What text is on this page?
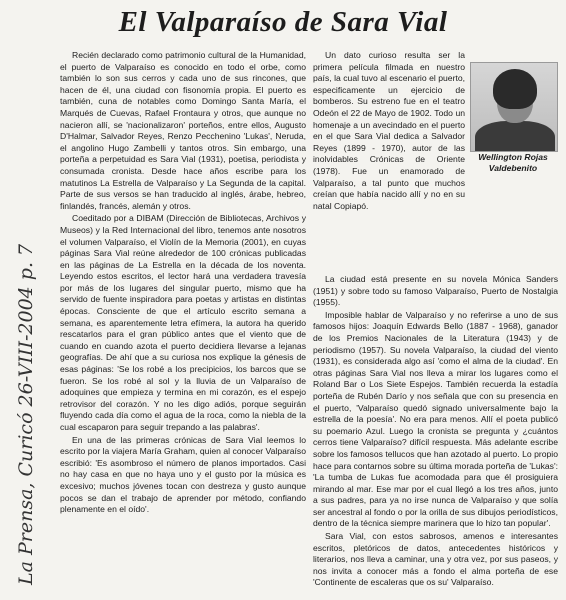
El Valparaíso de Sara Vial

Recién declarado como patrimonio cultural de la Humanidad, el puerto de Valparaíso es conocido en todo el orbe, como también lo son sus cerros y cada uno de sus rincones, que hacen de él, una ciudad con fisonomía propia. El puerto es también, cuna de notables como Domingo Santa María, el Marqués de Cuevas, Rafael Frontaura y otros, que aunque no nacieron allí, se 'nacionalizaron' porteños, entre ellos, Augusto D'Halmar, Salvador Reyes, Renzo Pecchenino 'Lukas', Neruda, el angolino Hugo Zambelli y tantos otros. Sin embargo, una porteña a perpetuidad es Sara Vial (1931), poetisa, periodista y consumada cronista. Desde hace años escribe para los matutinos La Estrella de Valparaíso y La Segunda de la capital. Parte de sus versos se han traducido al inglés, árabe, hebreo, finlandés, francés, alemán y otros.

Coeditado por a DIBAM (Dirección de Bibliotecas, Archivos y Museos) y la Red Internacional del libro, tenemos ante nosotros el volumen Valparaíso, el Violín de la Memoria (2001), en cuyas páginas Sara Vial reúne alrededor de 100 crónicas publicadas en las páginas de La Estrella en la década de los noventa. Leyendo estos escritos, el lector hará una verdadera travesía por más de los lugares del singular puerto, mismo que ha servido de fuente inspiradora para poetas y artistas en distintas épocas. Consciente de que el artículo escrito semana a semana, es aparentemente letra efímera, la autora ha querido rescatarlos para el gran público antes que el viento que de cuando en cuando azota el puerto decidiera llevarse a lejanas geografías. De ahí que a su curiosa nos explique la génesis de esas páginas: 'Se los robé a los precipicios, los barcos que se fueron. Se los robé al sol y la lluvia de un Valparaíso de adoquines que empieza y termina en mi corazón, es el espejo retrovisor del corazón. Y no les digo adiós, porque seguirán fluyendo cada día como el agua de la roca, como la niebla de la cual escaparon para seguir trepando a las palabras'.

En una de las primeras crónicas de Sara Vial leemos lo escrito por la viajera María Graham, quien al conocer Valparaíso escribió: 'Es asombroso el número de planos importados. Casi no hay casa en que no haya uno y el gusto por la música es excesivo; muchos jóvenes tocan con destreza y gusto aunque pocos se dan el trabajo de aprender por método, confiando plenamente en el oído'.

Un dato curioso resulta ser la primera película filmada en nuestro país, la cual tuvo al escenario el puerto, especificamente un ejercicio de bomberos. Su estreno fue en el teatro Odeón el 22 de Mayo de 1902. Todo un homenaje a un avecindado en el puerto en el que Sara Vial dedica a Salvador Reyes (1899 - 1970), autor de las inolvidables Crónicas de Oriente (1978). Fue un enamorado de Valparaíso, a tal punto que muchos creían que había nacido allí y no en su natal Copiapó.

Wellington Rojas
Valdebenito

La ciudad está presente en su novela Mónica Sanders (1951) y sobre todo su famoso Valparaíso, Puerto de Nostalgia (1955).

Imposible hablar de Valparaíso y no referirse a uno de sus famosos hijos: Joaquín Edwards Bello (1887 - 1968), ganador de los Premios Nacionales de la Literatura (1943) y de periodismo (1957). Su novela Valparaíso, la ciudad del viento (1931), es considerada algo así 'como el alma de la ciudad'. En otras páginas Sara Vial nos lleva a mirar los lugares como el Roland Bar o Los Siete Espejos. También recuerda la estadía porteña de Rubén Darío y nos señala que con su presencia en el puerto, 'Valparaíso quedó signado universalmente bajo la estrella de la poesía'. No era para menos. Allí el poeta publicó su poemario Azul. Luego la cronista se pregunta y ¿cuántos cerros tiene Valparaíso? difícil respuesta. Más adelante escribe sobre los famosos tellucos que han azotado al puerto. Lo propio hace para contarnos sobre su última morada porteña de 'Lukas': 'La tumba de Lukas fue acomodada para que él prosiguiera mirando al mar. Ese mar por el cual llegó a los tres años, junto a sus padres, para ya no irse nunca de Valparaíso y que solía ser ancestral al fondo o por la orilla de sus dibujos periodísticos, dentro de la técnica siempre marinera que lo hizo tan popular'.

Sara Vial, con estos sabrosos, amenos e interesantes escritos, pletóricos de datos, antecedentes históricos y literarios, nos lleva a caminar, una y otra vez, por sus paseos, y nos invita a conocer más a fondo el alma porteña de ese 'Continente de escaleras que os su' Valparaíso.

La Prensa, Curicó 26-VIII-2004 p. 7
